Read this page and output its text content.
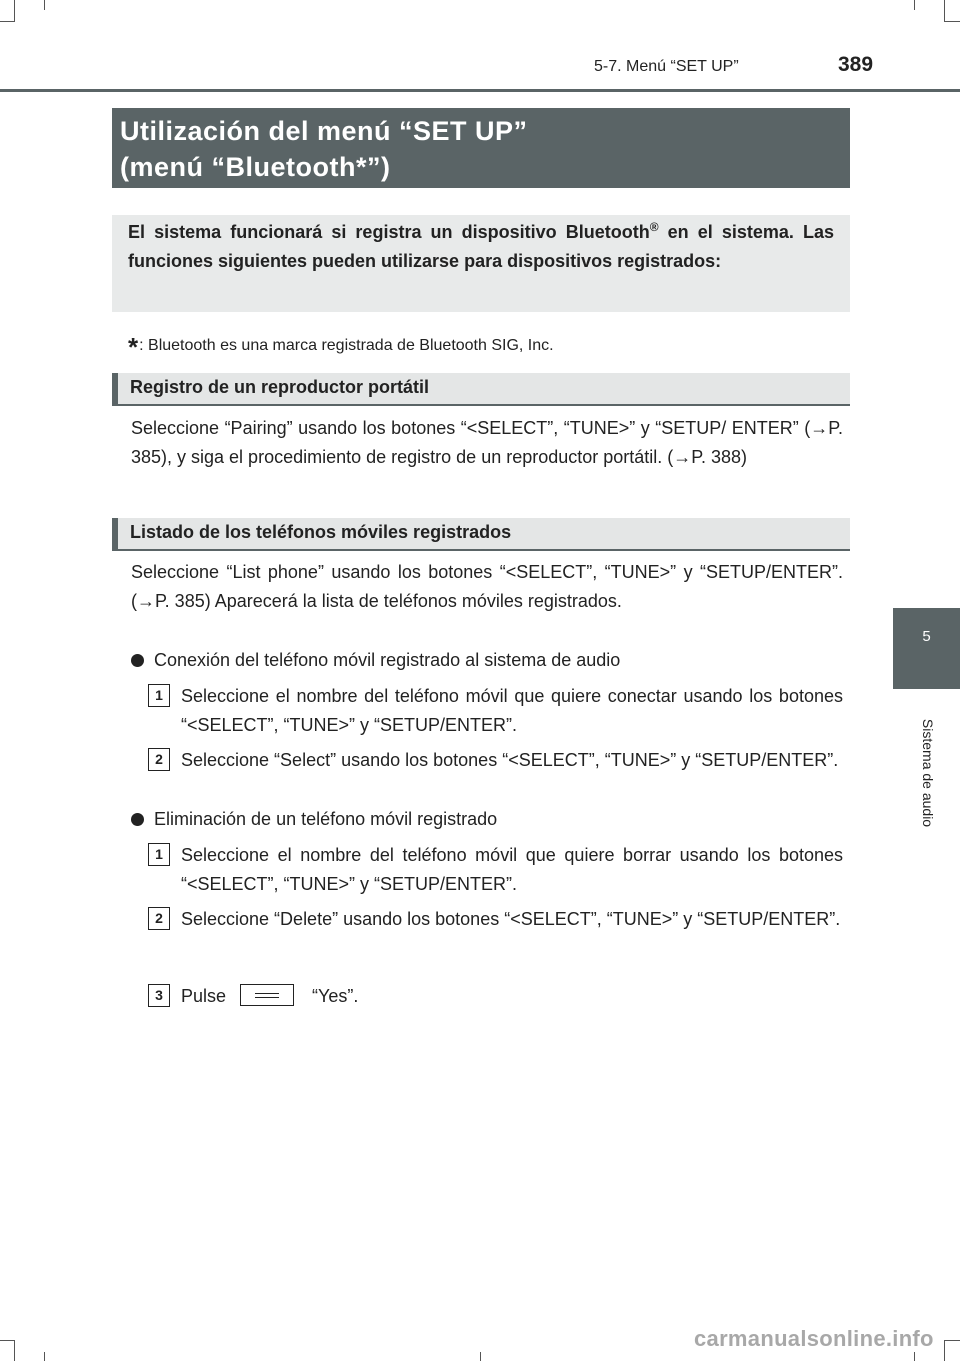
5-7. Menú “SET UP”	389
5
Sistema de audio
Utilización del menú “SET UP”
(menú “Bluetooth*”)
El sistema funcionará si registra un dispositivo Bluetooth® en el sistema. Las funciones siguientes pueden utilizarse para dispositivos registrados:
*: Bluetooth es una marca registrada de Bluetooth SIG, Inc.
Registro de un reproductor portátil
Seleccione “Pairing” usando los botones “<SELECT”, “TUNE>” y “SETUP/ ENTER” (→P. 385), y siga el procedimiento de registro de un reproductor portátil. (→P. 388)
Listado de los teléfonos móviles registrados
Seleccione “List phone” usando los botones “<SELECT”, “TUNE>” y “SETUP/ENTER”. (→P. 385) Aparecerá la lista de teléfonos móviles registrados.
Conexión del teléfono móvil registrado al sistema de audio
1	Seleccione el nombre del teléfono móvil que quiere conectar usando los botones “<SELECT”, “TUNE>” y “SETUP/ENTER”.
2	Seleccione “Select” usando los botones “<SELECT”, “TUNE>” y “SETUP/ENTER”.
Eliminación de un teléfono móvil registrado
1	Seleccione el nombre del teléfono móvil que quiere borrar usando los botones “<SELECT”, “TUNE>” y “SETUP/ENTER”.
2	Seleccione “Delete” usando los botones “<SELECT”, “TUNE>” y “SETUP/ENTER”.
3	Pulse	“Yes”.
carmanualsonline.info
